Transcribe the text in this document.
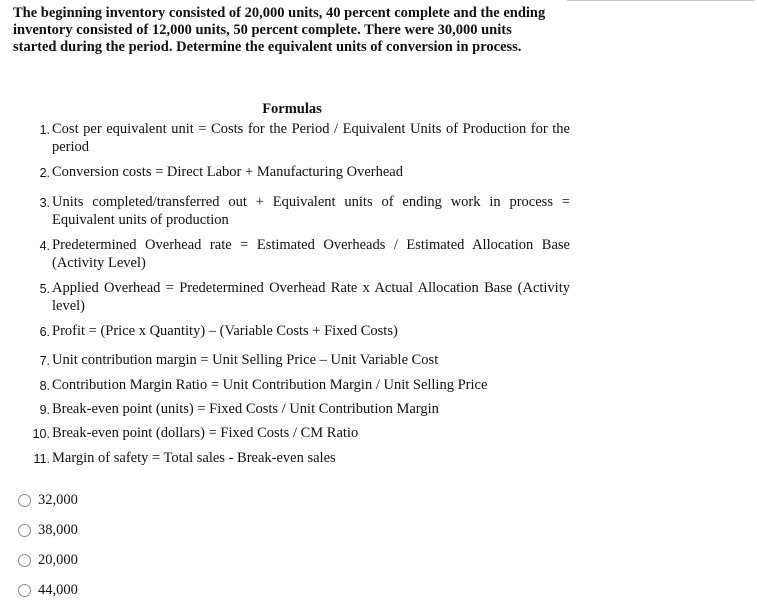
The beginning inventory consisted of 20,000 units, 40 percent complete and the ending inventory consisted of 12,000 units, 50 percent complete. There were 30,000 units started during the period. Determine the equivalent units of conversion in process.
Formulas
1. Cost per equivalent unit = Costs for the Period / Equivalent Units of Production for the period
2. Conversion costs = Direct Labor + Manufacturing Overhead
3. Units completed/transferred out + Equivalent units of ending work in process = Equivalent units of production
4. Predetermined Overhead rate = Estimated Overheads / Estimated Allocation Base (Activity Level)
5. Applied Overhead = Predetermined Overhead Rate x Actual Allocation Base (Activity level)
6. Profit = (Price x Quantity) – (Variable Costs + Fixed Costs)
7. Unit contribution margin = Unit Selling Price – Unit Variable Cost
8. Contribution Margin Ratio = Unit Contribution Margin / Unit Selling Price
9. Break-even point (units) = Fixed Costs / Unit Contribution Margin
10. Break-even point (dollars) = Fixed Costs / CM Ratio
11. Margin of safety = Total sales - Break-even sales
32,000
38,000
20,000
44,000
